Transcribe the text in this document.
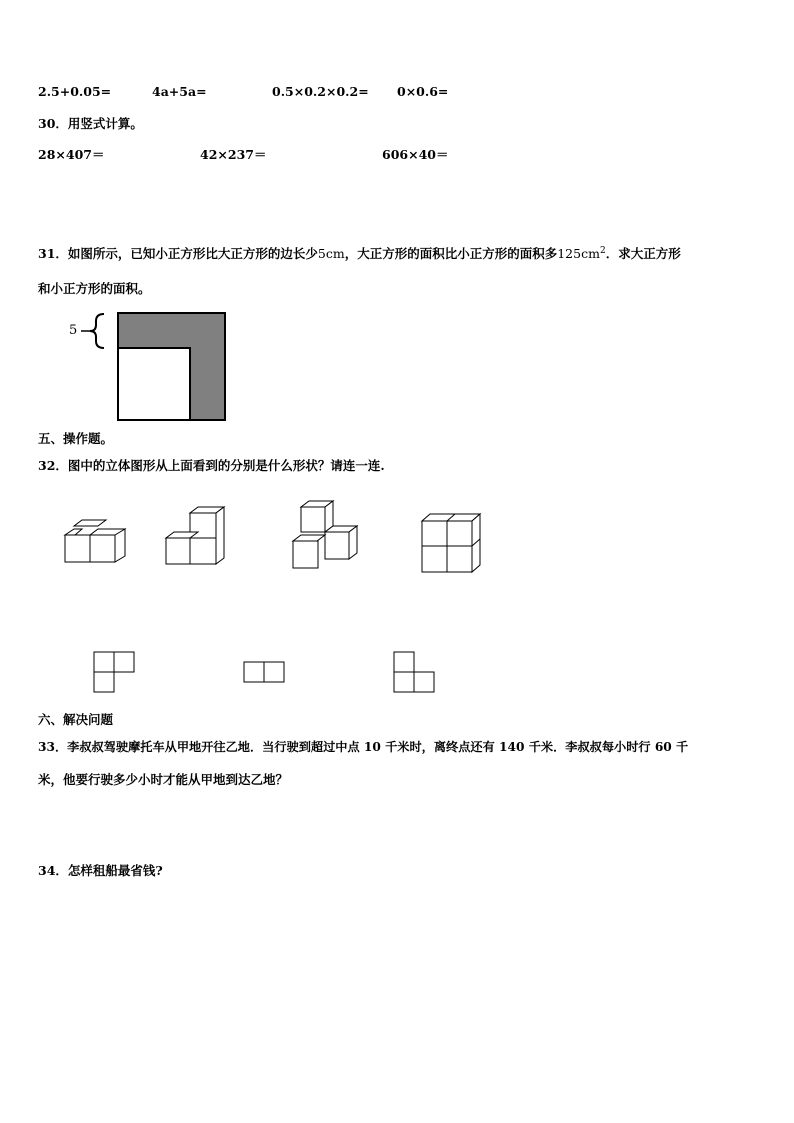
2.5+0.05=	4a+5a=	0.5×0.2×0.2= 0×0.6=
30．用竖式计算。
28×407＝	42×237＝	606×40＝
31．如图所示，已知小正方形比大正方形的边长少5cm，大正方形的面积比小正方形的面积多$125cm^2$．求大正方形
和小正方形的面积。
5
五、操作题。
32．图中的立体图形从上面看到的分别是什么形状？请连一连.
六、解决问题
33．李叔叔驾驶摩托车从甲地开往乙地．当行驶到超过中点 10 千米时，离终点还有 140 千米．李叔叔每小时行 60 千
米，他要行驶多少小时才能从甲地到达乙地？
34．怎样租船最省钱?
